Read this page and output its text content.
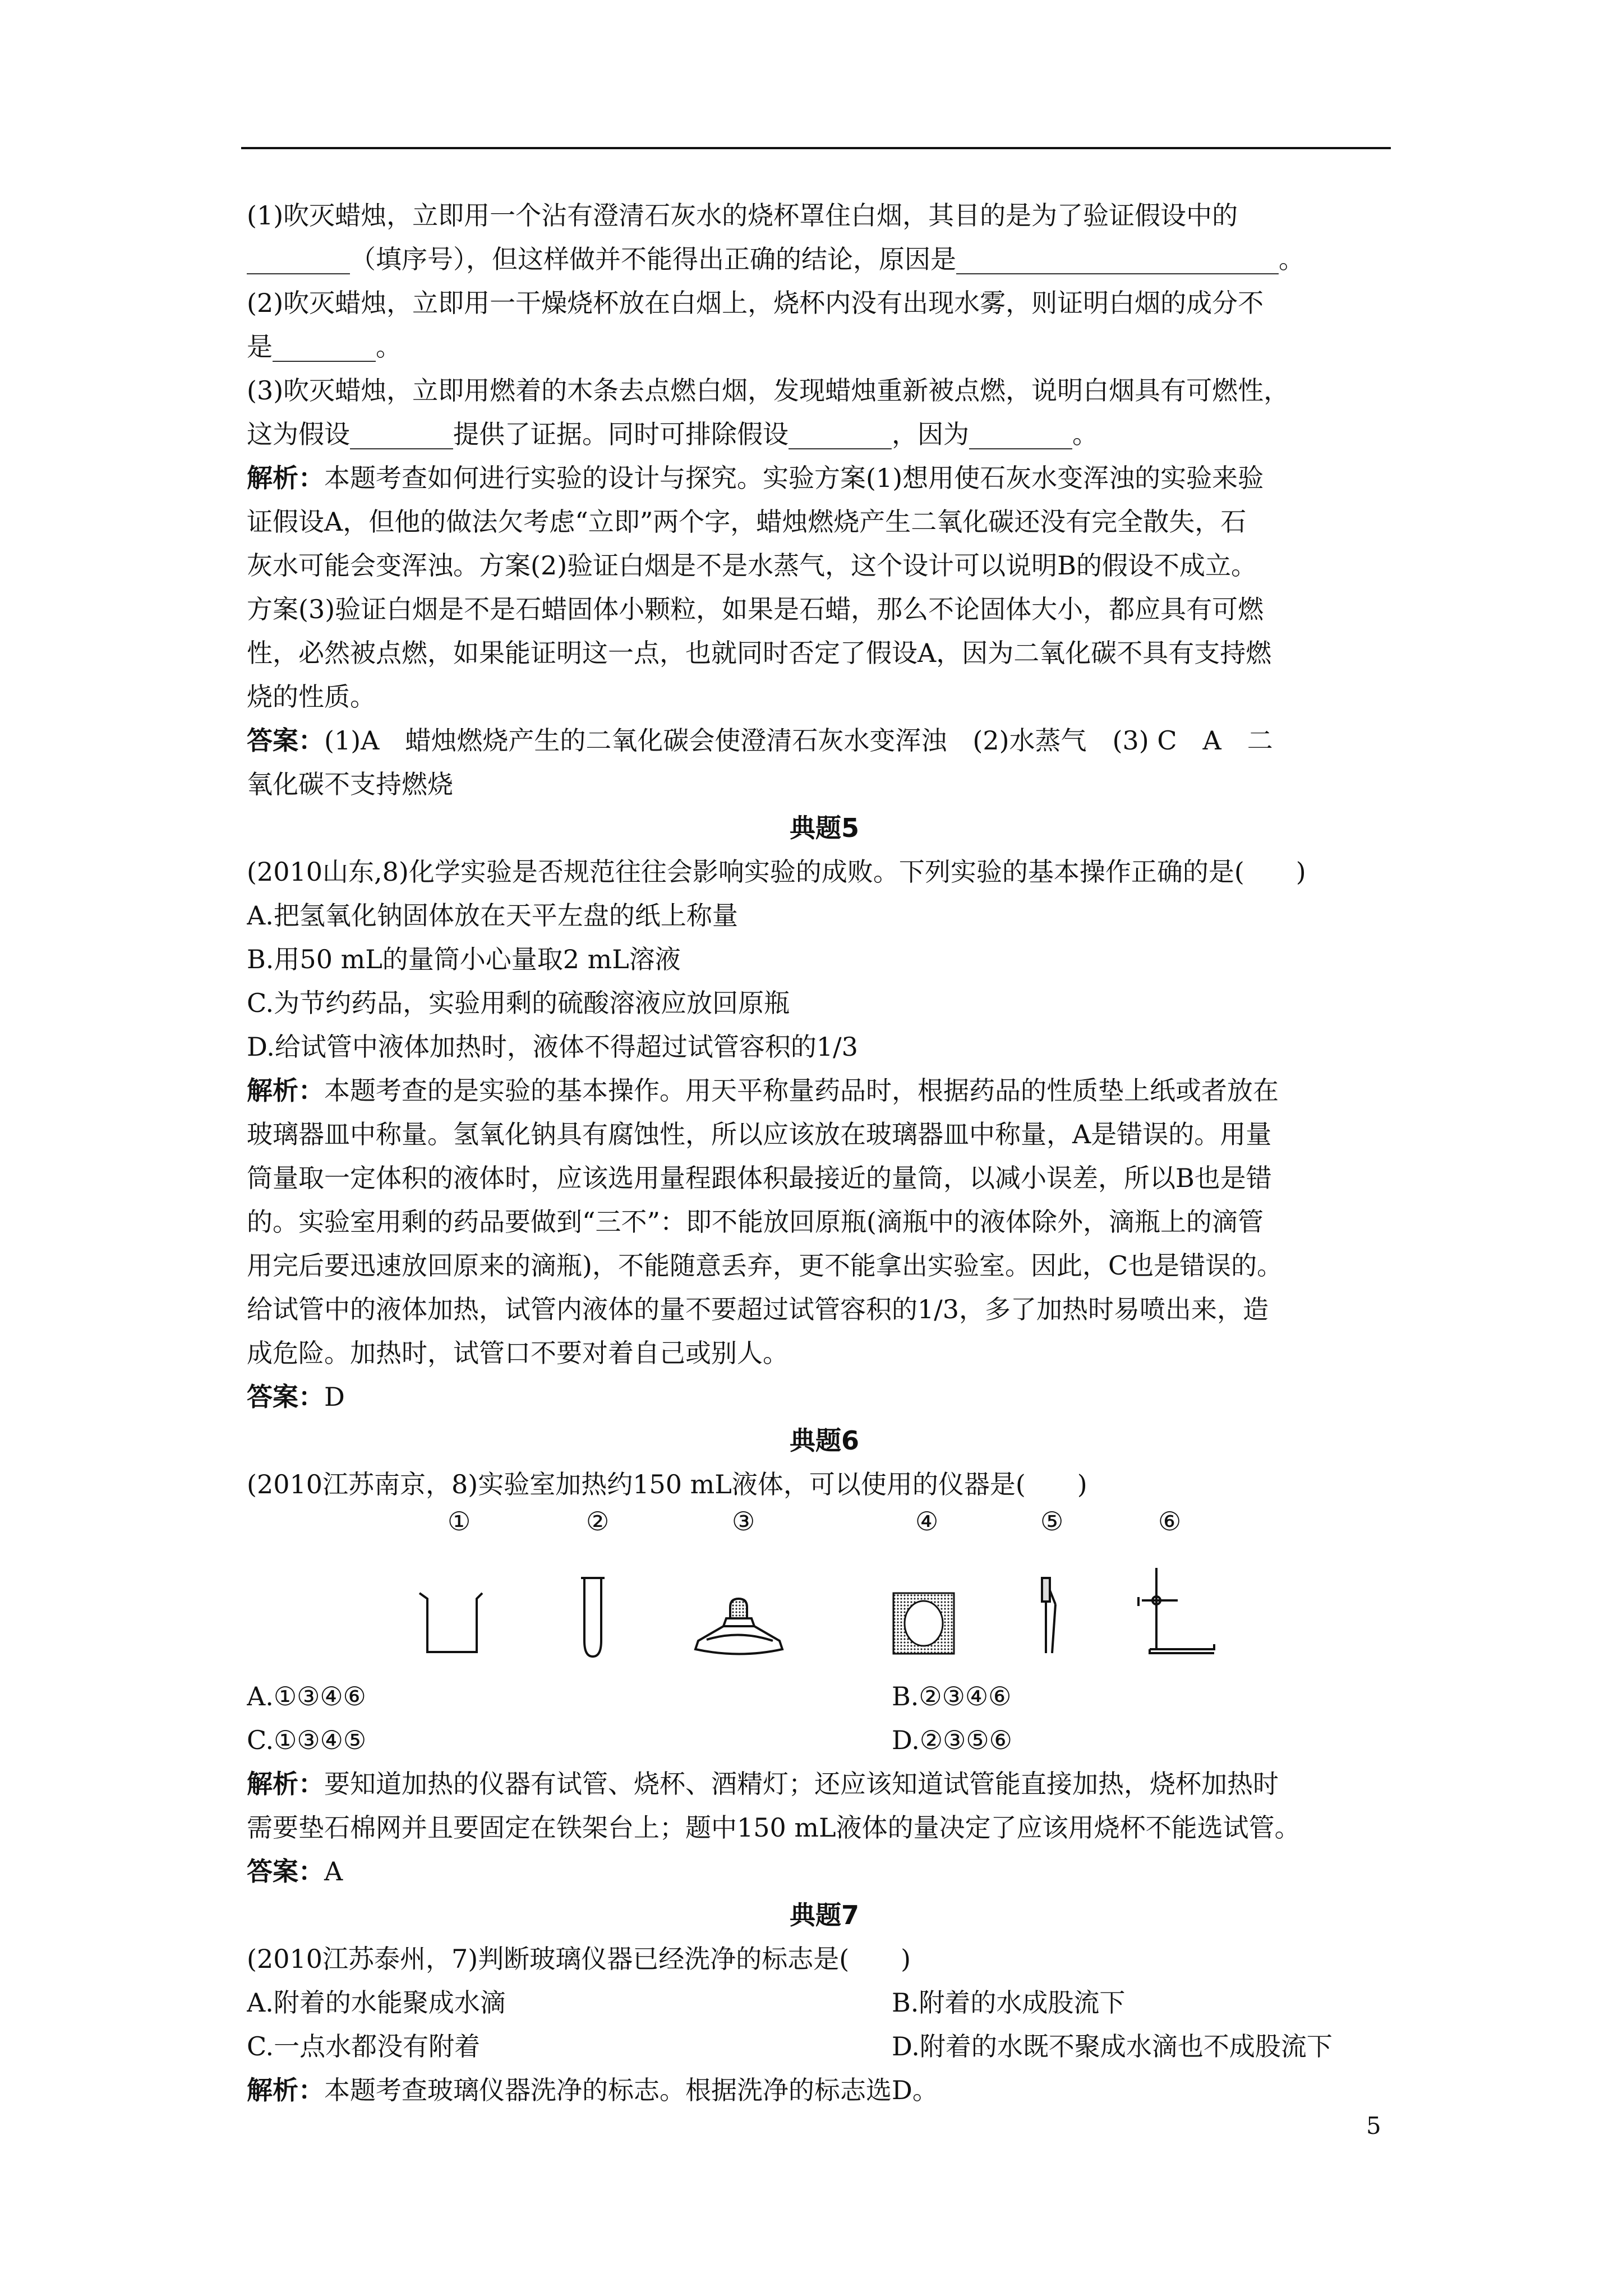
(1)吹灭蜡烛，立即用一个沾有澄清石灰水的烧杯罩住白烟，其目的是为了验证假设中的
________（填序号），但这样做并不能得出正确的结论，原因是_________________________。
(2)吹灭蜡烛，立即用一干燥烧杯放在白烟上，烧杯内没有出现水雾，则证明白烟的成分不
是________。
(3)吹灭蜡烛，立即用燃着的木条去点燃白烟，发现蜡烛重新被点燃，说明白烟具有可燃性，
这为假设________提供了证据。同时可排除假设________，因为________。
解析：本题考查如何进行实验的设计与探究。实验方案(1)想用使石灰水变浑浊的实验来验
证假设A，但他的做法欠考虑“立即”两个字，蜡烛燃烧产生二氧化碳还没有完全散失，石
灰水可能会变浑浊。方案(2)验证白烟是不是水蒸气，这个设计可以说明B的假设不成立。
方案(3)验证白烟是不是石蜡固体小颗粒，如果是石蜡，那么不论固体大小，都应具有可燃
性，必然被点燃，如果能证明这一点，也就同时否定了假设A，因为二氧化碳不具有支持燃
烧的性质。
答案：(1)A　蜡烛燃烧产生的二氧化碳会使澄清石灰水变浑浊　(2)水蒸气　(3) C　A　二
氧化碳不支持燃烧
典题5
(2010山东,8)化学实验是否规范往往会影响实验的成败。下列实验的基本操作正确的是(　　)
A.把氢氧化钠固体放在天平左盘的纸上称量
B.用50 mL的量筒小心量取2 mL溶液
C.为节约药品，实验用剩的硫酸溶液应放回原瓶
D.给试管中液体加热时，液体不得超过试管容积的1/3
解析：本题考查的是实验的基本操作。用天平称量药品时，根据药品的性质垫上纸或者放在
玻璃器皿中称量。氢氧化钠具有腐蚀性，所以应该放在玻璃器皿中称量，A是错误的。用量
筒量取一定体积的液体时，应该选用量程跟体积最接近的量筒，以减小误差，所以B也是错
的。实验室用剩的药品要做到“三不”：即不能放回原瓶(滴瓶中的液体除外，滴瓶上的滴管
用完后要迅速放回原来的滴瓶)，不能随意丢弃，更不能拿出实验室。因此，C也是错误的。
给试管中的液体加热，试管内液体的量不要超过试管容积的1/3，多了加热时易喷出来，造
成危险。加热时，试管口不要对着自己或别人。
答案：D
典题6
(2010江苏南京，8)实验室加热约150 mL液体，可以使用的仪器是(　　)
①	②	③	④	⑤	⑥
A.①③④⑥	B.②③④⑥
C.①③④⑤	D.②③⑤⑥
解析：要知道加热的仪器有试管、烧杯、酒精灯；还应该知道试管能直接加热，烧杯加热时
需要垫石棉网并且要固定在铁架台上；题中150 mL液体的量决定了应该用烧杯不能选试管。
答案：A
典题7
(2010江苏泰州，7)判断玻璃仪器已经洗净的标志是(　　)
A.附着的水能聚成水滴	B.附着的水成股流下
C.一点水都没有附着	D.附着的水既不聚成水滴也不成股流下
解析：本题考查玻璃仪器洗净的标志。根据洗净的标志选D。
5
